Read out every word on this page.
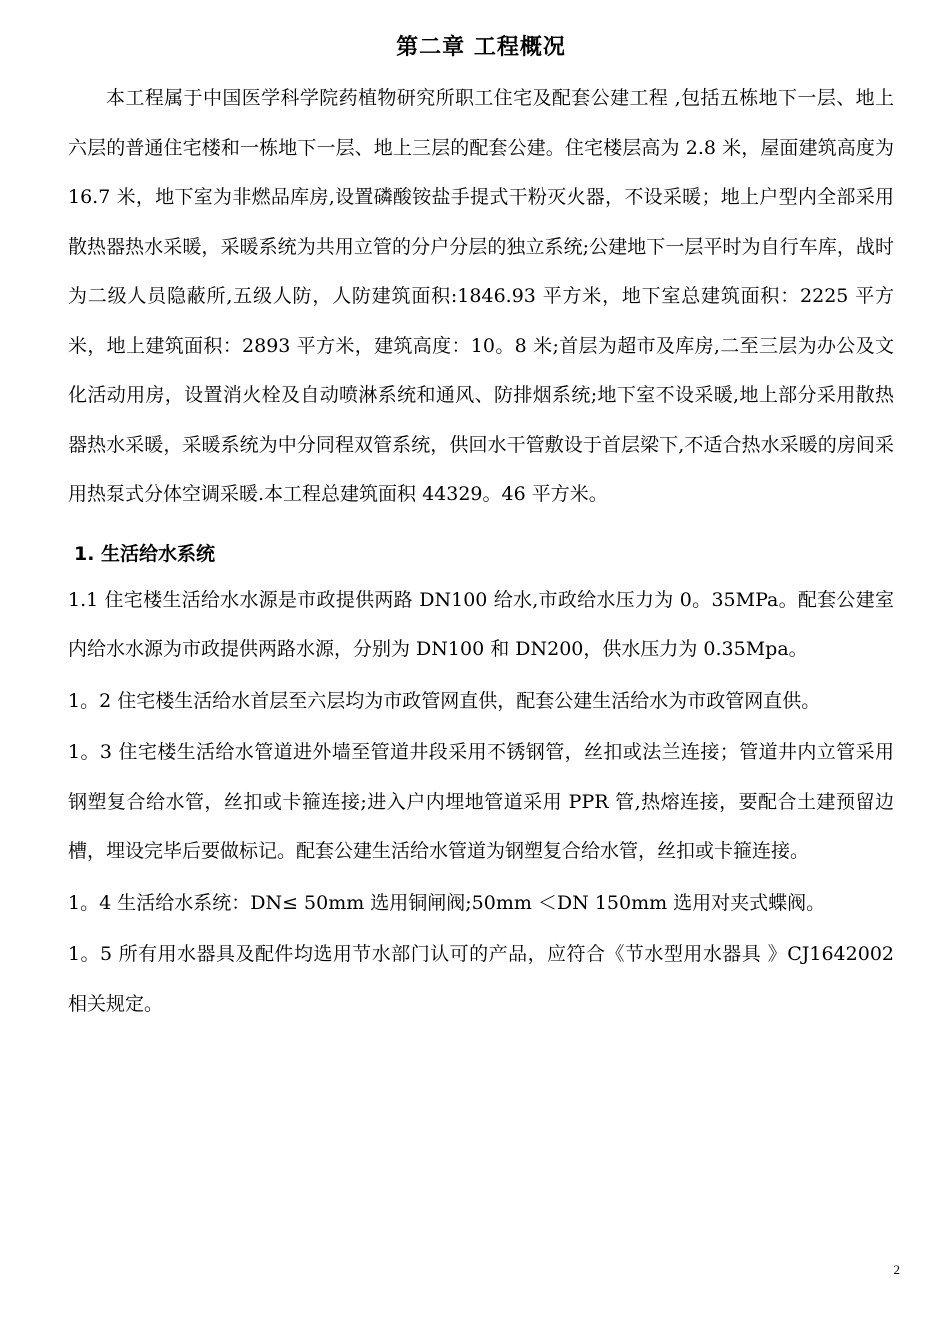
第二章 工程概况

本工程属于中国医学科学院药植物研究所职工住宅及配套公建工程 ,包括五栋地下一层、地上六层的普通住宅楼和一栋地下一层、地上三层的配套公建。住宅楼层高为 2.8 米，屋面建筑高度为 16.7 米，地下室为非燃品库房,设置磷酸铵盐手提式干粉灭火器，不设采暖；地上户型内全部采用散热器热水采暖，采暖系统为共用立管的分户分层的独立系统;公建地下一层平时为自行车库，战时为二级人员隐蔽所,五级人防，人防建筑面积:1846.93 平方米，地下室总建筑面积：2225 平方米，地上建筑面积：2893 平方米，建筑高度：10。8 米;首层为超市及库房,二至三层为办公及文化活动用房，设置消火栓及自动喷淋系统和通风、防排烟系统;地下室不设采暖,地上部分采用散热器热水采暖，采暖系统为中分同程双管系统，供回水干管敷设于首层梁下,不适合热水采暖的房间采用热泵式分体空调采暖.本工程总建筑面积 44329。46 平方米。

1. 生活给水系统

1.1 住宅楼生活给水水源是市政提供两路 DN100 给水,市政给水压力为 0。35MPa。配套公建室内给水水源为市政提供两路水源，分别为 DN100 和 DN200，供水压力为 0.35Mpa。

1。2 住宅楼生活给水首层至六层均为市政管网直供，配套公建生活给水为市政管网直供。

1。3 住宅楼生活给水管道进外墙至管道井段采用不锈钢管，丝扣或法兰连接；管道井内立管采用钢塑复合给水管，丝扣或卡箍连接;进入户内埋地管道采用 PPR 管,热熔连接，要配合土建预留边槽，埋设完毕后要做标记。配套公建生活给水管道为钢塑复合给水管，丝扣或卡箍连接。

1。4 生活给水系统：DN≤ 50mm 选用铜闸阀;50mm ＜DN 150mm 选用对夹式蝶阀。

1。5 所有用水器具及配件均选用节水部门认可的产品，应符合《节水型用水器具 》CJ1642002 相关规定。

2
